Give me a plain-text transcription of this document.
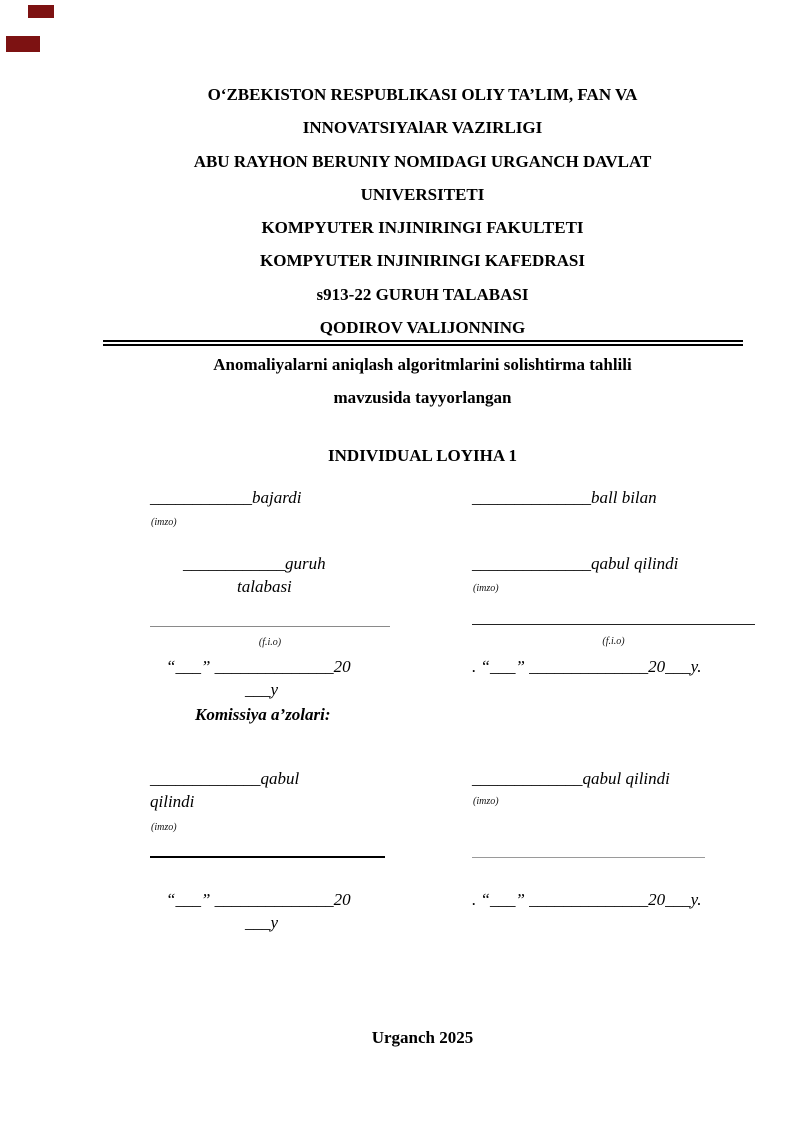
O‘ZBEKISTON RESPUBLIKASI OLIY TA’LIM, FAN VA
INNOVATSIYAlAR VAZIRLIGI
ABU RAYHON BERUNIY NOMIDAGI URGANCH DAVLAT
UNIVERSITETI
KOMPYUTER INJINIRINGI FAKULTETI
KOMPYUTER INJINIRINGI KAFEDRASI
s913-22 GURUH TALABASI
QODIROV VALIJONNING
Anomaliyalarni aniqlash algoritmlarini solishtirma tahlili
mavzusida tayyorlangan
INDIVIDUAL LOYIHA 1
____________bajardi
(imzo)
______________ball bilan
____________guruh
talabasi
______________qabul qilindi
(imzo)
(f.i.o)	(f.i.o)
“___” ______________20
___y
. “___” ______________20___y.
Komissiya a’zolari:
_____________qabul
qilindi
(imzo)
_____________qabul qilindi
(imzo)
“___” ______________20
___y
. “___” ______________20___y.
Urganch 2025
